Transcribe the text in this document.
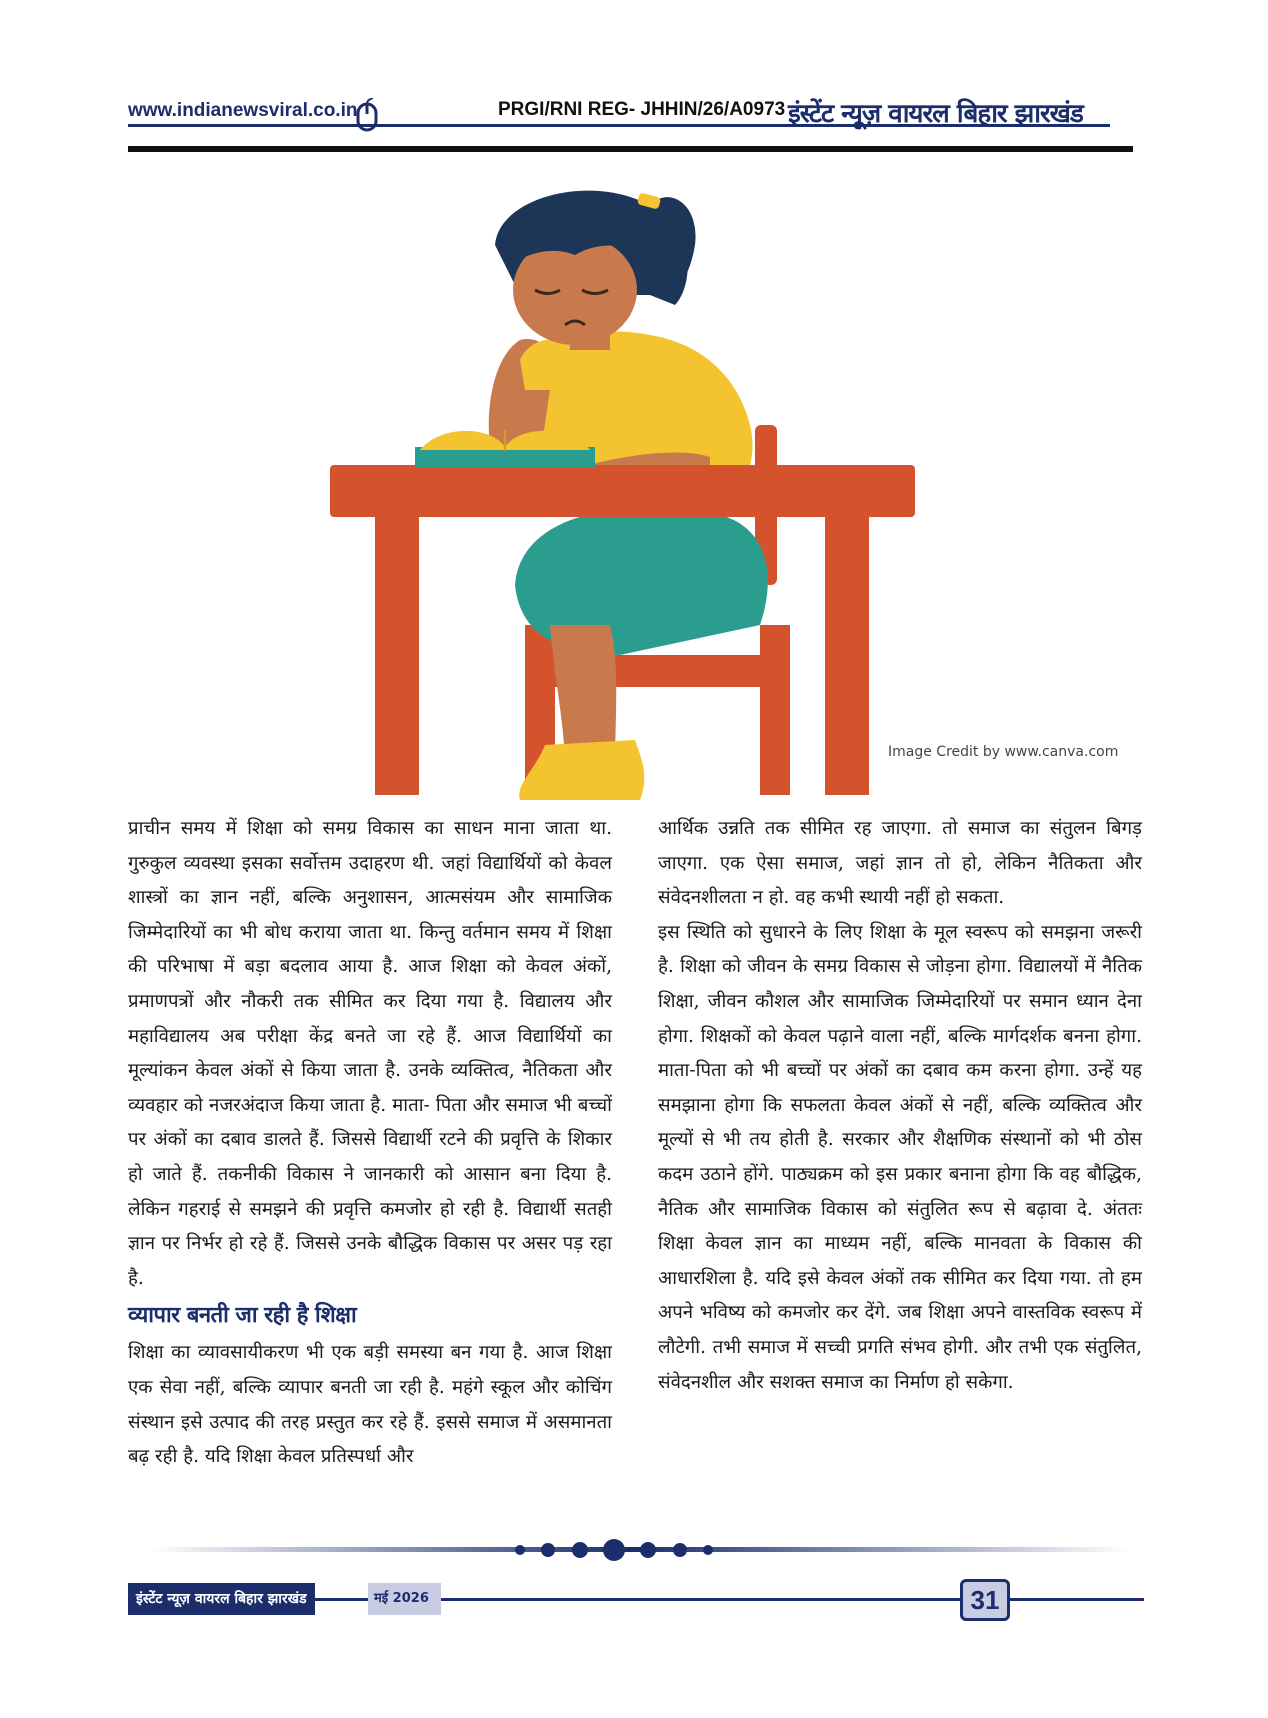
www.indianewsviral.co.in	PRGI/RNI REG- JHHIN/26/A0973 इंस्टेंट न्यूज़ वायरल बिहार झारखंड
Image Credit by www.canva.com

प्राचीन समय में शिक्षा को समग्र विकास का साधन माना जाता था. गुरुकुल व्यवस्था इसका सर्वोत्तम उदाहरण थी. जहां विद्यार्थियों को केवल शास्त्रों का ज्ञान नहीं, बल्कि अनुशासन, आत्मसंयम और सामाजिक जिम्मेदारियों का भी बोध कराया जाता था. किन्तु वर्तमान समय में शिक्षा की परिभाषा में बड़ा बदलाव आया है. आज शिक्षा को केवल अंकों, प्रमाणपत्रों और नौकरी तक सीमित कर दिया गया है. विद्यालय और महाविद्यालय अब परीक्षा केंद्र बनते जा रहे हैं. आज विद्यार्थियों का मूल्यांकन केवल अंकों से किया जाता है. उनके व्यक्तित्व, नैतिकता और व्यवहार को नजरअंदाज किया जाता है. माता- पिता और समाज भी बच्चों पर अंकों का दबाव डालते हैं. जिससे विद्यार्थी रटने की प्रवृत्ति के शिकार हो जाते हैं. तकनीकी विकास ने जानकारी को आसान बना दिया है. लेकिन गहराई से समझने की प्रवृत्ति कमजोर हो रही है. विद्यार्थी सतही ज्ञान पर निर्भर हो रहे हैं. जिससे उनके बौद्धिक विकास पर असर पड़ रहा है.

व्यापार बनती जा रही है शिक्षा

शिक्षा का व्यावसायीकरण भी एक बड़ी समस्या बन गया है. आज शिक्षा एक सेवा नहीं, बल्कि व्यापार बनती जा रही है. महंगे स्कूल और कोचिंग संस्थान इसे उत्पाद की तरह प्रस्तुत कर रहे हैं. इससे समाज में असमानता बढ़ रही है. यदि शिक्षा केवल प्रतिस्पर्धा और

आर्थिक उन्नति तक सीमित रह जाएगा. तो समाज का संतुलन बिगड़ जाएगा. एक ऐसा समाज, जहां ज्ञान तो हो, लेकिन नैतिकता और संवेदनशीलता न हो. वह कभी स्थायी नहीं हो सकता.

इस स्थिति को सुधारने के लिए शिक्षा के मूल स्वरूप को समझना जरूरी है. शिक्षा को जीवन के समग्र विकास से जोड़ना होगा. विद्यालयों में नैतिक शिक्षा, जीवन कौशल और सामाजिक जिम्मेदारियों पर समान ध्यान देना होगा. शिक्षकों को केवल पढ़ाने वाला नहीं, बल्कि मार्गदर्शक बनना होगा. माता-पिता को भी बच्चों पर अंकों का दबाव कम करना होगा. उन्हें यह समझाना होगा कि सफलता केवल अंकों से नहीं, बल्कि व्यक्तित्व और मूल्यों से भी तय होती है. सरकार और शैक्षणिक संस्थानों को भी ठोस कदम उठाने होंगे. पाठ्यक्रम को इस प्रकार बनाना होगा कि वह बौद्धिक, नैतिक और सामाजिक विकास को संतुलित रूप से बढ़ावा दे. अंततः शिक्षा केवल ज्ञान का माध्यम नहीं, बल्कि मानवता के विकास की आधारशिला है. यदि इसे केवल अंकों तक सीमित कर दिया गया. तो हम अपने भविष्य को कमजोर कर देंगे. जब शिक्षा अपने वास्तविक स्वरूप में लौटेगी. तभी समाज में सच्ची प्रगति संभव होगी. और तभी एक संतुलित, संवेदनशील और सशक्त समाज का निर्माण हो सकेगा.

इंस्टेंट न्यूज़ वायरल बिहार झारखंड	मई 2026	31
